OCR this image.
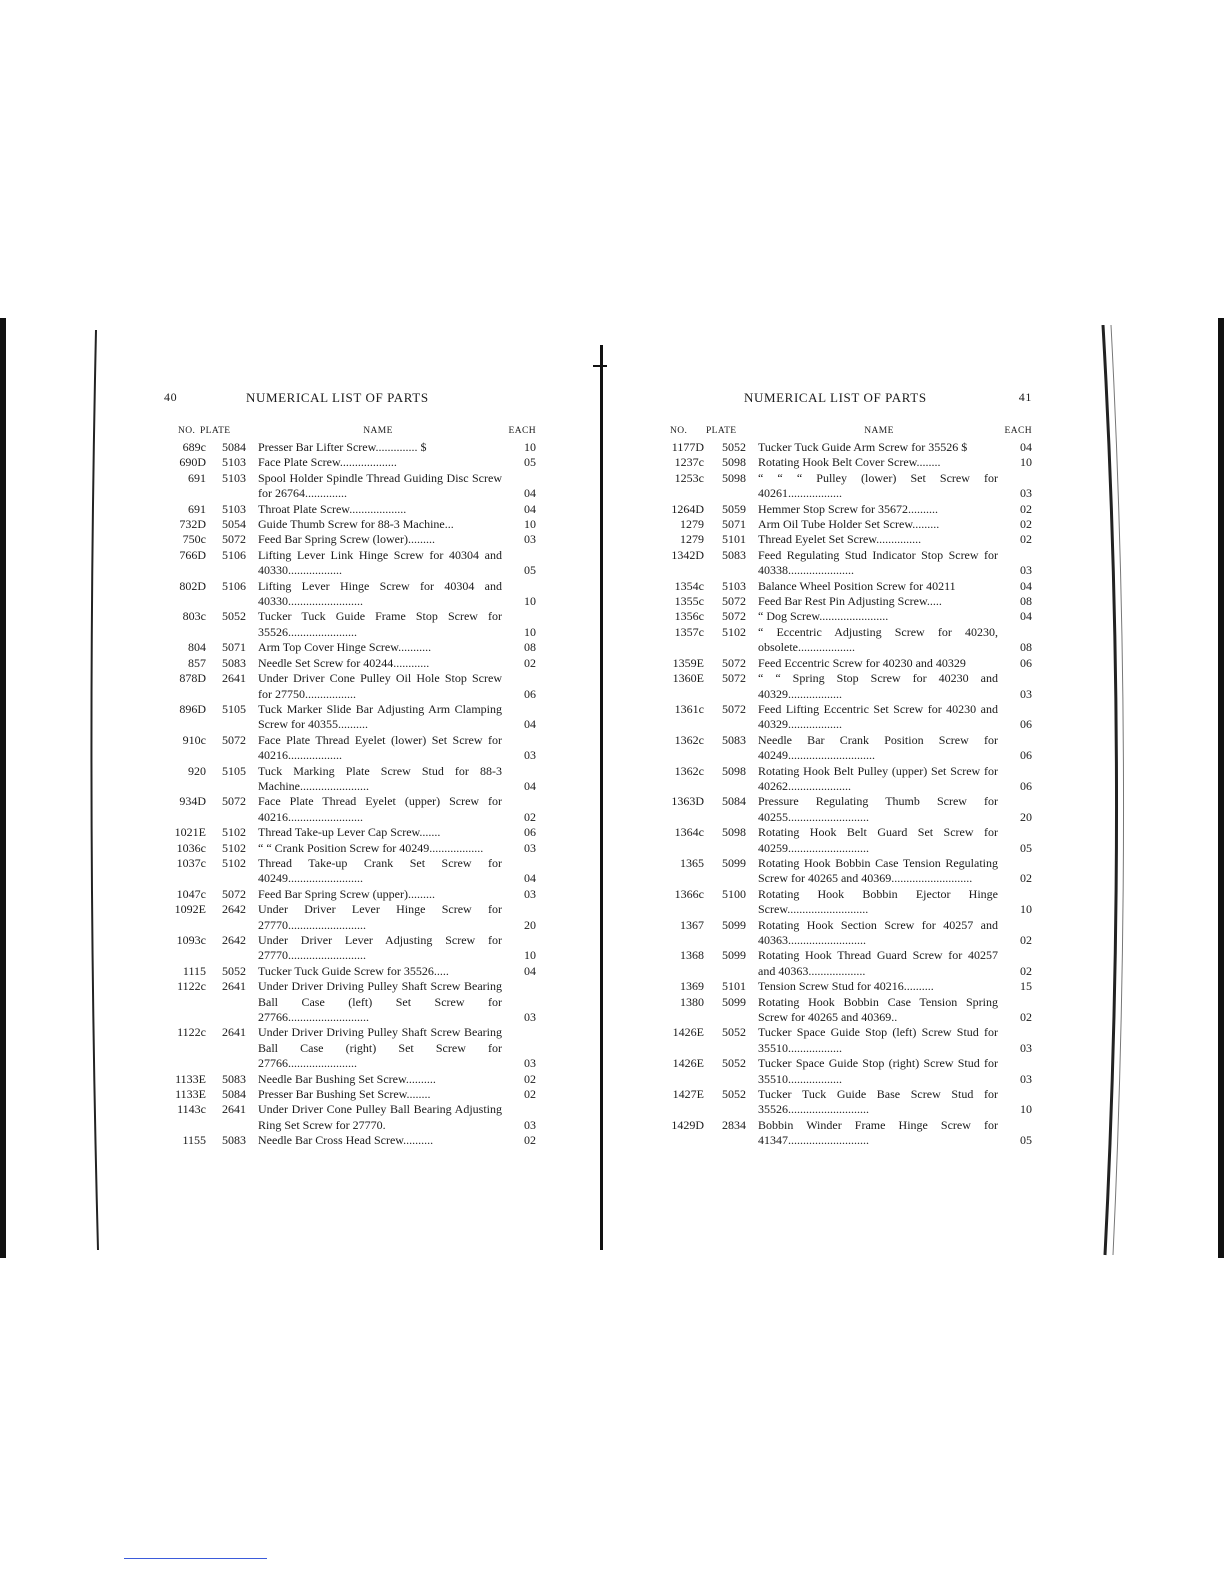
40	NUMERICAL LIST OF PARTS
NO. PLATE	NAME	EACH
689c	5084	Presser Bar Lifter Screw.............. $	10
690D	5103	Face Plate Screw...................	05
691	5103	Spool Holder Spindle Thread Guiding Disc Screw for 26764..............	04
691	5103	Throat Plate Screw...................	04
732D	5054	Guide Thumb Screw for 88-3 Machine...	10
750c	5072	Feed Bar Spring Screw (lower).........	03
766D	5106	Lifting Lever Link Hinge Screw for 40304 and 40330..................	05
802D	5106	Lifting Lever Hinge Screw for 40304 and 40330.........................	10
803c	5052	Tucker Tuck Guide Frame Stop Screw for 35526.......................	10
804	5071	Arm Top Cover Hinge Screw...........	08
857	5083	Needle Set Screw for 40244............	02
878D	2641	Under Driver Cone Pulley Oil Hole Stop Screw for 27750.................	06
896D	5105	Tuck Marker Slide Bar Adjusting Arm Clamping Screw for 40355..........	04
910c	5072	Face Plate Thread Eyelet (lower) Set Screw for 40216..................	03
920	5105	Tuck Marking Plate Screw Stud for 88-3 Machine.......................	04
934D	5072	Face Plate Thread Eyelet (upper) Screw for 40216.........................	02
1021E	5102	Thread Take-up Lever Cap Screw.......	06
1036c	5102	“ “ Crank Position Screw for 40249..................	03
1037c	5102	Thread Take-up Crank Set Screw for 40249.........................	04
1047c	5072	Feed Bar Spring Screw (upper).........	03
1092E	2642	Under Driver Lever Hinge Screw for 27770..........................	20
1093c	2642	Under Driver Lever Adjusting Screw for 27770..........................	10
1115	5052	Tucker Tuck Guide Screw for 35526.....	04
1122c	2641	Under Driver Driving Pulley Shaft Screw Bearing Ball Case (left) Set Screw for 27766...........................	03
1122c	2641	Under Driver Driving Pulley Shaft Screw Bearing Ball Case (right) Set Screw for 27766.......................	03
1133E	5083	Needle Bar Bushing Set Screw..........	02
1133E	5084	Presser Bar Bushing Set Screw........	02
1143c	2641	Under Driver Cone Pulley Ball Bearing Adjusting Ring Set Screw for 27770.	03
1155	5083	Needle Bar Cross Head Screw..........	02
NUMERICAL LIST OF PARTS	41
NO.	PLATE	NAME	EACH
1177D	5052	Tucker Tuck Guide Arm Screw for 35526 $	04
1237c	5098	Rotating Hook Belt Cover Screw........	10
1253c	5098	“ “ “ Pulley (lower) Set Screw for 40261..................	03
1264D	5059	Hemmer Stop Screw for 35672..........	02
1279	5071	Arm Oil Tube Holder Set Screw.........	02
1279	5101	Thread Eyelet Set Screw...............	02
1342D	5083	Feed Regulating Stud Indicator Stop Screw for 40338......................	03
1354c	5103	Balance Wheel Position Screw for 40211	04
1355c	5072	Feed Bar Rest Pin Adjusting Screw.....	08
1356c	5072	“ Dog Screw.......................	04
1357c	5102	“ Eccentric Adjusting Screw for 40230, obsolete...................	08
1359E	5072	Feed Eccentric Screw for 40230 and 40329	06
1360E	5072	“ “ Spring Stop Screw for 40230 and 40329..................	03
1361c	5072	Feed Lifting Eccentric Set Screw for 40230 and 40329..................	06
1362c	5083	Needle Bar Crank Position Screw for 40249.............................	06
1362c	5098	Rotating Hook Belt Pulley (upper) Set Screw for 40262.....................	06
1363D	5084	Pressure Regulating Thumb Screw for 40255...........................	20
1364c	5098	Rotating Hook Belt Guard Set Screw for 40259...........................	05
1365	5099	Rotating Hook Bobbin Case Tension Regulating Screw for 40265 and 40369...........................	02
1366c	5100	Rotating Hook Bobbin Ejector Hinge Screw...........................	10
1367	5099	Rotating Hook Section Screw for 40257 and 40363..........................	02
1368	5099	Rotating Hook Thread Guard Screw for 40257 and 40363...................	02
1369	5101	Tension Screw Stud for 40216..........	15
1380	5099	Rotating Hook Bobbin Case Tension Spring Screw for 40265 and 40369..	02
1426E	5052	Tucker Space Guide Stop (left) Screw Stud for 35510..................	03
1426E	5052	Tucker Space Guide Stop (right) Screw Stud for 35510..................	03
1427E	5052	Tucker Tuck Guide Base Screw Stud for 35526...........................	10
1429D	2834	Bobbin Winder Frame Hinge Screw for 41347...........................	05
